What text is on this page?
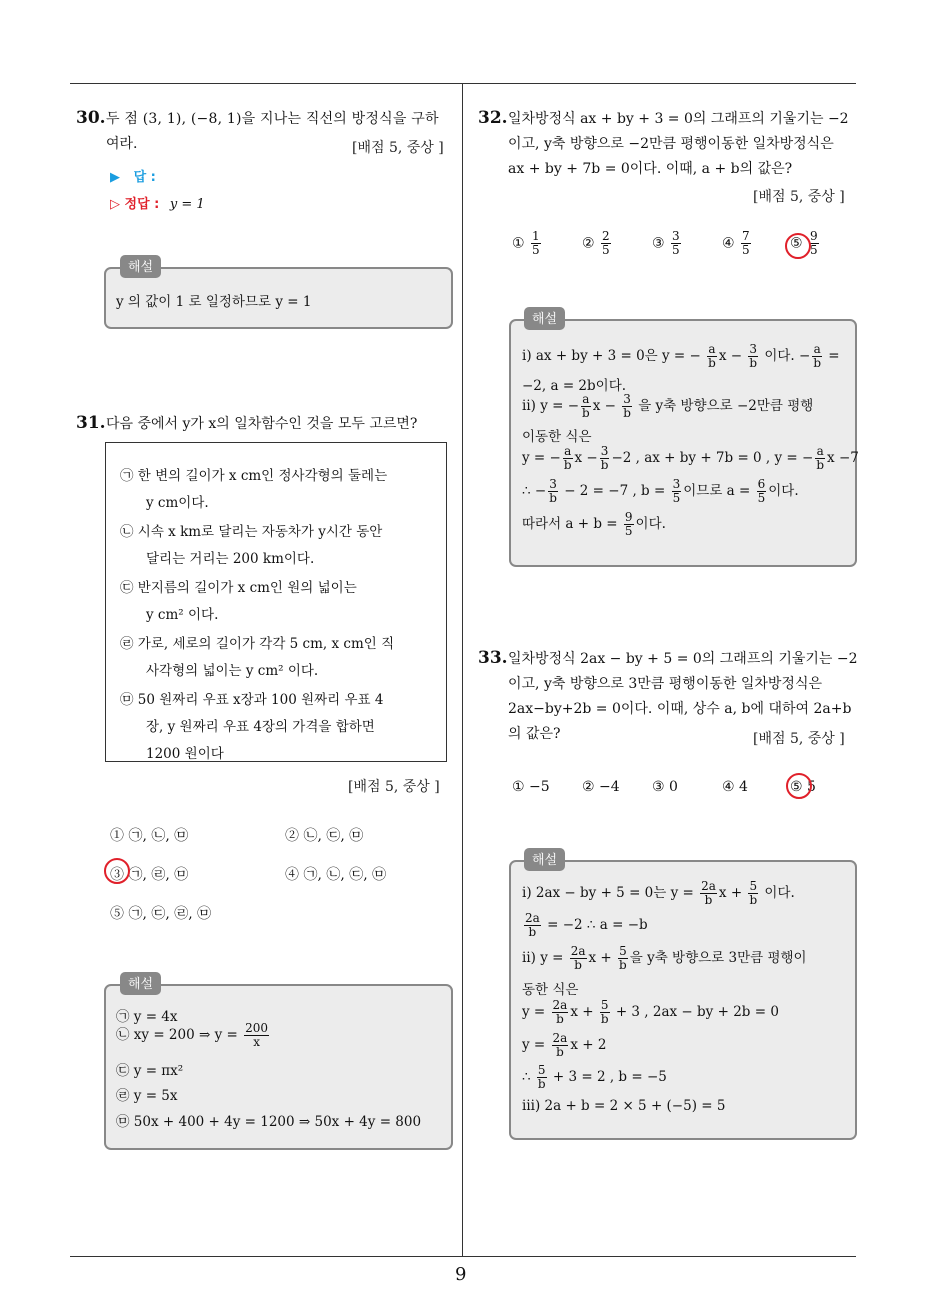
9
30. 두 점 (3, 1), (−8, 1)을 지나는 직선의 방정식을 구하
여라.	[배점 5, 중상 ]
▶ 답 :
▷ 정답 : y = 1
해설
y 의 값이 1 로 일정하므로 y = 1
31. 다음 중에서 y가 x의 일차함수인 것을 모두 고르면?
㉠ 한 변의 길이가 x cm인 정사각형의 둘레는
y cm이다.
㉡ 시속 x km로 달리는 자동차가 y시간 동안
달리는 거리는 200 km이다.
㉢ 반지름의 길이가 x cm인 원의 넓이는
y cm² 이다.
㉣ 가로, 세로의 길이가 각각 5 cm, x cm인 직
사각형의 넓이는 y cm² 이다.
㉤ 50 원짜리 우표 x장과 100 원짜리 우표 4
장, y 원짜리 우표 4장의 가격을 합하면
1200 원이다
[배점 5, 중상 ]
① ㉠, ㉡, ㉤	② ㉡, ㉢, ㉤
③ ㉠, ㉣, ㉤	④ ㉠, ㉡, ㉢, ㉤
⑤ ㉠, ㉢, ㉣, ㉤
해설
㉠ y = 4x
㉡ xy = 200 ⇒ $y = \frac{200}{x}$
㉢ y = πx²
㉣ y = 5x
㉤ 50x + 400 + 4y = 1200 ⇒ 50x + 4y = 800
32. 일차방정식 ax + by + 3 = 0의 그래프의 기울기는 −2
이고, y축 방향으로 −2만큼 평행이동한 일차방정식은
ax + by + 7b = 0이다. 이때, a + b의 값은?
[배점 5, 중상 ]
① $\frac{1}{5}$	② $\frac{2}{5}$	③ $\frac{3}{5}$	④ $\frac{7}{5}$	⑤ $\frac{9}{5}$
해설
ⅰ) ax + by + 3 = 0은 y = − $\frac{a}{b}$ $x - \frac{3}{b}$ 이다. − $\frac{a}{b}$ =
−2, a = 2b이다.
ⅱ) y = − $\frac{a}{b}$ $x - \frac{3}{b}$ 을 y축 방향으로 −2만큼 평행
이동한 식은
y = − $\frac{a}{b}$ $x - \frac{3}{b} -2$ , ax + by + 7b = 0 , y = − $\frac{a}{b}$ x −7
∴ − $\frac{3}{b} - 2 = -7$ , $b = \frac{3}{5}$ 이므로 $a = \frac{6}{5}$ 이다.
따라서 $a + b = \frac{9}{5}$ 이다.
33. 일차방정식 2ax − by + 5 = 0의 그래프의 기울기는 −2
이고, y축 방향으로 3만큼 평행이동한 일차방정식은
2ax−by+2b = 0이다. 이때, 상수 a, b에 대하여 2a+b
의 값은?	[배점 5, 중상 ]
① −5 ② −4 ③ 0	④ 4	⑤ 5
해설
ⅰ) 2ax − by + 5 = 0는 $y = \frac{2a}{b}$ $x + \frac{5}{b}$ 이다.
$\frac{2a}{b} = -2$ ∴ a = −b
ⅱ) $y = \frac{2a}{b}$ $x + \frac{5}{b}$ 을 y축 방향으로 3만큼 평행이
동한 식은
$y = \frac{2a}{b}$ $x + \frac{5}{b} + 3$ , 2ax − by + 2b = 0
$y = \frac{2a}{b}$ x + 2
∴ $\frac{5}{b} + 3 = 2$ , b = −5
ⅲ) 2a + b = 2 × 5 + (−5) = 5
